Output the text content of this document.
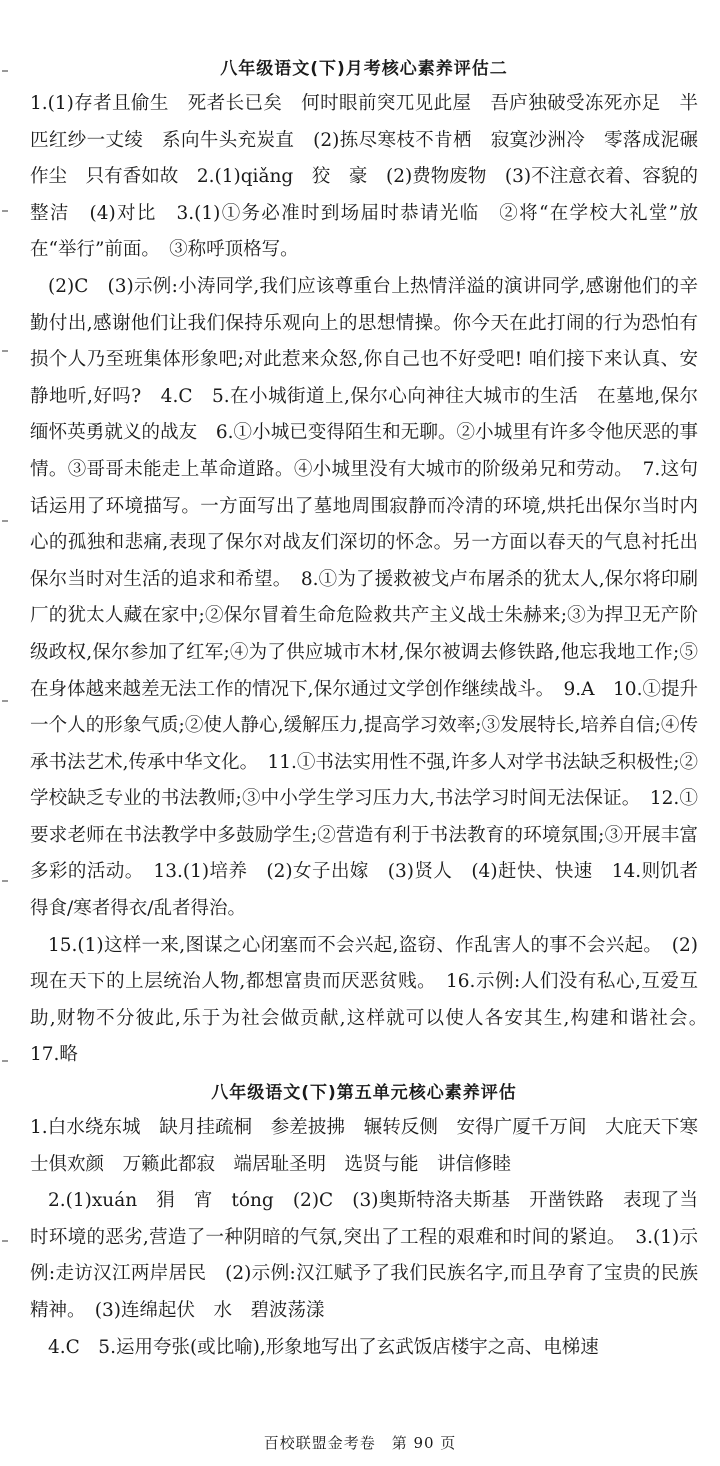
八年级语文(下)月考核心素养评估二

1.(1)存者且偷生　死者长已矣　何时眼前突兀见此屋　吾庐独破受冻死亦足　半匹红纱一丈绫　系向牛头充炭直　(2)拣尽寒枝不肯栖　寂寞沙洲冷　零落成泥碾作尘　只有香如故　2.(1)qiǎng　狡　豪　(2)费物废物　(3)不注意衣着、容貌的整洁　(4)对比　3.(1)①务必准时到场届时恭请光临　②将“在学校大礼堂”放在“举行”前面。　③称呼顶格写。

(2)C　(3)示例:小涛同学,我们应该尊重台上热情洋溢的演讲同学,感谢他们的辛勤付出,感谢他们让我们保持乐观向上的思想情操。你今天在此打闹的行为恐怕有损个人乃至班集体形象吧;对此惹来众怒,你自己也不好受吧! 咱们接下来认真、安静地听,好吗?　4.C　5.在小城街道上,保尔心向神往大城市的生活　在墓地,保尔缅怀英勇就义的战友　6.①小城已变得陌生和无聊。②小城里有许多令他厌恶的事情。③哥哥未能走上革命道路。④小城里没有大城市的阶级弟兄和劳动。　7.这句话运用了环境描写。一方面写出了墓地周围寂静而冷清的环境,烘托出保尔当时内心的孤独和悲痛,表现了保尔对战友们深切的怀念。另一方面以春天的气息衬托出保尔当时对生活的追求和希望。　8.①为了援救被戈卢布屠杀的犹太人,保尔将印刷厂的犹太人藏在家中;②保尔冒着生命危险救共产主义战士朱赫来;③为捍卫无产阶级政权,保尔参加了红军;④为了供应城市木材,保尔被调去修铁路,他忘我地工作;⑤在身体越来越差无法工作的情况下,保尔通过文学创作继续战斗。　9.A　10.①提升一个人的形象气质;②使人静心,缓解压力,提高学习效率;③发展特长,培养自信;④传承书法艺术,传承中华文化。　11.①书法实用性不强,许多人对学书法缺乏积极性;②学校缺乏专业的书法教师;③中小学生学习压力大,书法学习时间无法保证。　12.①要求老师在书法教学中多鼓励学生;②营造有利于书法教育的环境氛围;③开展丰富多彩的活动。　13.(1)培养　(2)女子出嫁　(3)贤人　(4)赶快、快速　14.则饥者得食/寒者得衣/乱者得治。

15.(1)这样一来,图谋之心闭塞而不会兴起,盗窃、作乱害人的事不会兴起。　(2)现在天下的上层统治人物,都想富贵而厌恶贫贱。　16.示例:人们没有私心,互爱互助,财物不分彼此,乐于为社会做贡献,这样就可以使人各安其生,构建和谐社会。　17.略

八年级语文(下)第五单元核心素养评估

1.白水绕东城　缺月挂疏桐　参差披拂　辗转反侧　安得广厦千万间　大庇天下寒士俱欢颜　万籁此都寂　端居耻圣明　选贤与能　讲信修睦

2.(1)xuán　狷　宵　tóng　(2)C　(3)奥斯特洛夫斯基　开凿铁路　表现了当时环境的恶劣,营造了一种阴暗的气氛,突出了工程的艰难和时间的紧迫。　3.(1)示例:走访汉江两岸居民　(2)示例:汉江赋予了我们民族名字,而且孕育了宝贵的民族精神。　(3)连绵起伏　水　碧波荡漾

4.C　5.运用夸张(或比喻),形象地写出了玄武饭店楼宇之高、电梯速

百校联盟金考卷　第 90 页
